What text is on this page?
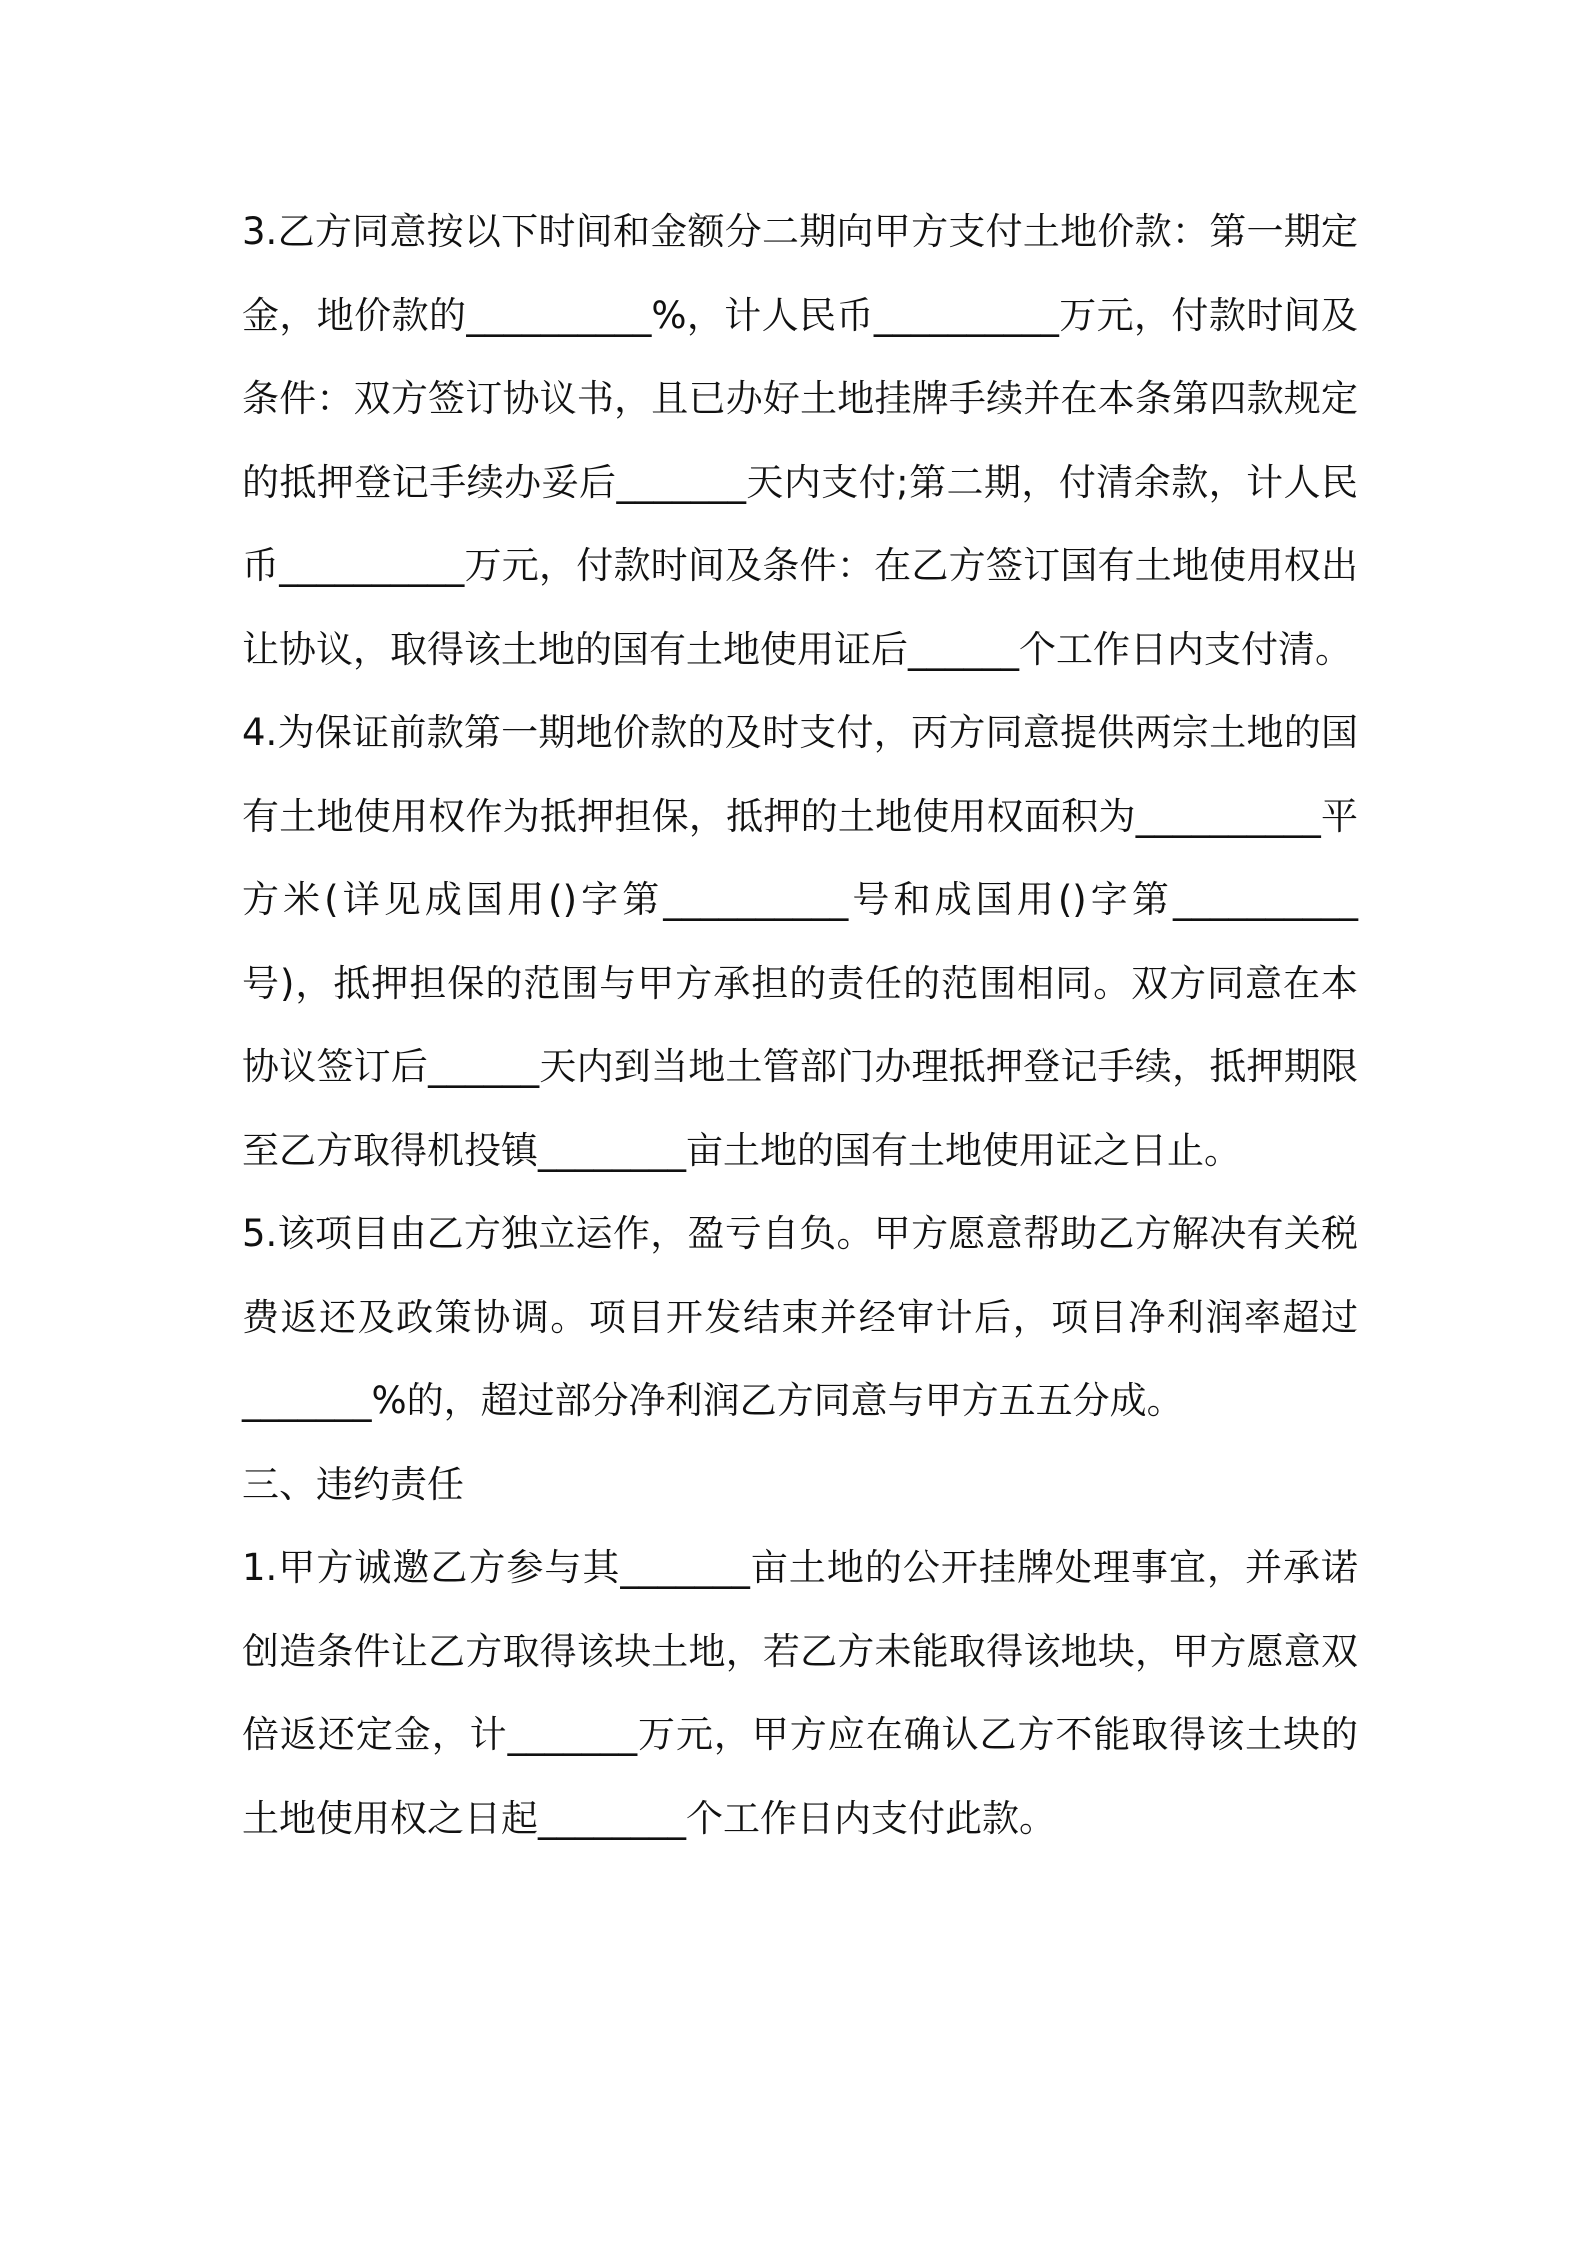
3.乙方同意按以下时间和金额分二期向甲方支付土地价款：第一期定金，地价款的__________%，计人民币__________万元，付款时间及条件：双方签订协议书，且已办好土地挂牌手续并在本条第四款规定的抵押登记手续办妥后_______天内支付;第二期，付清余款，计人民币__________万元，付款时间及条件：在乙方签订国有土地使用权出让协议，取得该土地的国有土地使用证后______个工作日内支付清。

4.为保证前款第一期地价款的及时支付，丙方同意提供两宗土地的国有土地使用权作为抵押担保，抵押的土地使用权面积为__________平方米(详见成国用()字第__________号和成国用()字第__________号)，抵押担保的范围与甲方承担的责任的范围相同。双方同意在本协议签订后______天内到当地土管部门办理抵押登记手续，抵押期限至乙方取得机投镇________亩土地的国有土地使用证之日止。

5.该项目由乙方独立运作，盈亏自负。甲方愿意帮助乙方解决有关税费返还及政策协调。项目开发结束并经审计后，项目净利润率超过_______%的，超过部分净利润乙方同意与甲方五五分成。

三、违约责任

1.甲方诚邀乙方参与其_______亩土地的公开挂牌处理事宜，并承诺创造条件让乙方取得该块土地，若乙方未能取得该地块，甲方愿意双倍返还定金，计_______万元，甲方应在确认乙方不能取得该土块的土地使用权之日起________个工作日内支付此款。
